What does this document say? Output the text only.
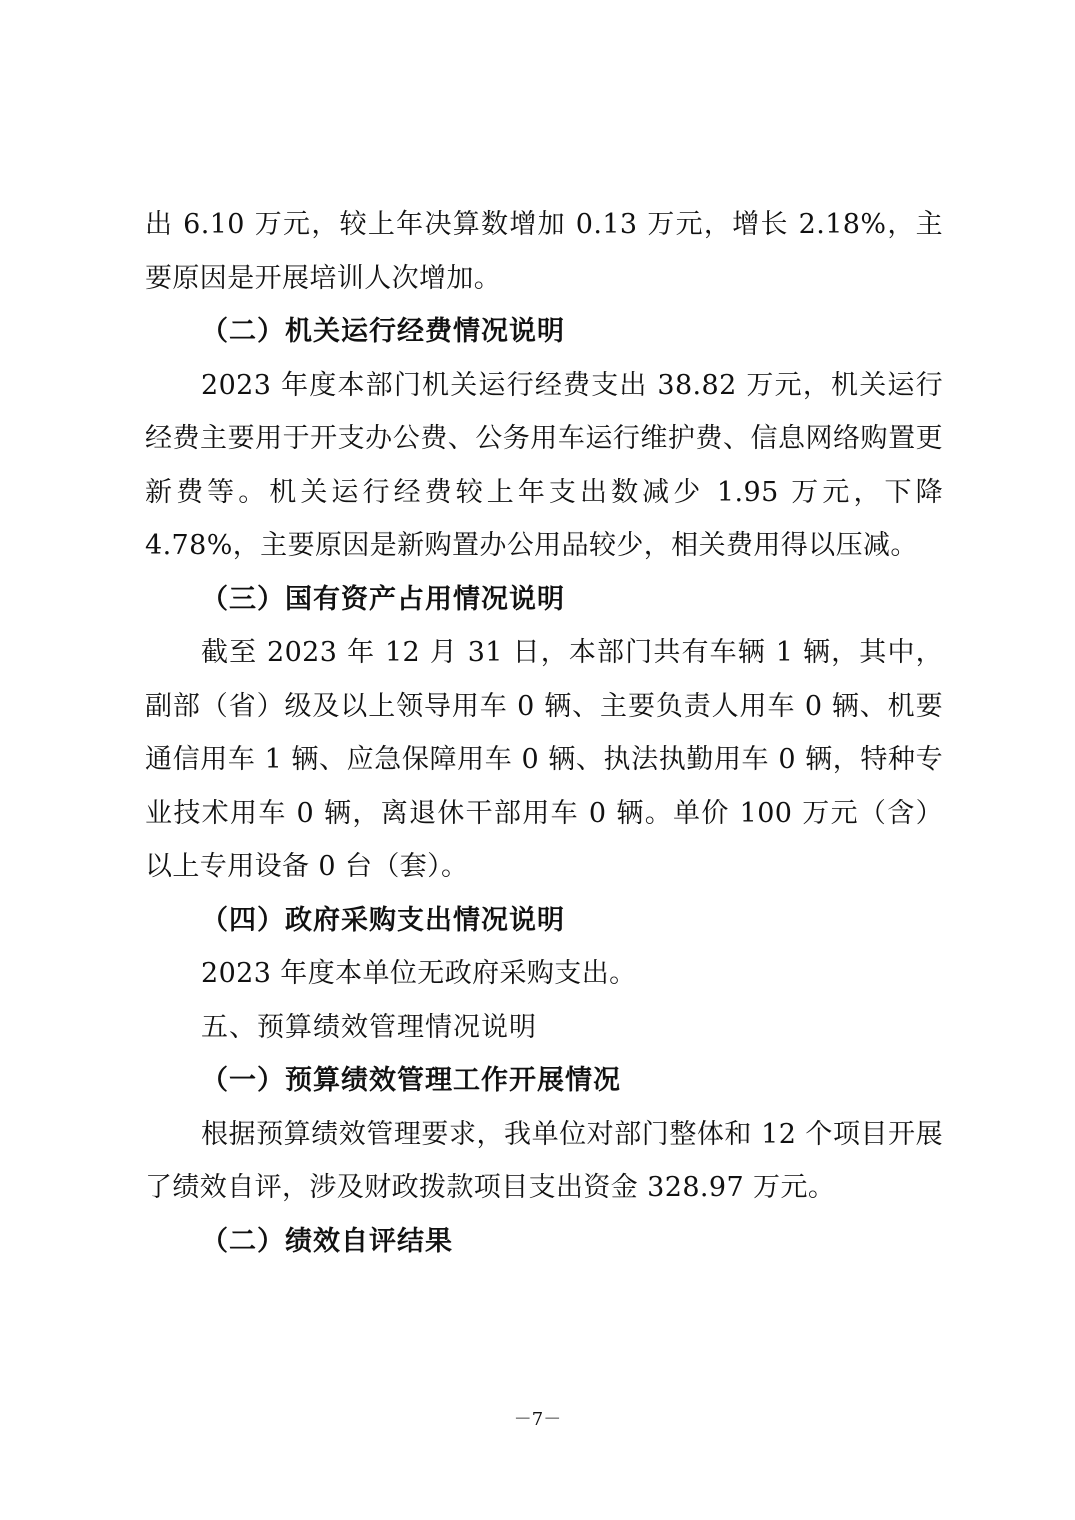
出 6.10 万元，较上年决算数增加 0.13 万元，增长 2.18%，主要原因是开展培训人次增加。

（二）机关运行经费情况说明

2023 年度本部门机关运行经费支出 38.82 万元，机关运行经费主要用于开支办公费、公务用车运行维护费、信息网络购置更新费等。机关运行经费较上年支出数减少 1.95 万元，下降 4.78%，主要原因是新购置办公用品较少，相关费用得以压减。

（三）国有资产占用情况说明

截至 2023 年 12 月 31 日，本部门共有车辆 1 辆，其中，副部（省）级及以上领导用车 0 辆、主要负责人用车 0 辆、机要通信用车 1 辆、应急保障用车 0 辆、执法执勤用车 0 辆，特种专业技术用车 0 辆，离退休干部用车 0 辆。单价 100 万元（含）以上专用设备 0 台（套）。

（四）政府采购支出情况说明

2023 年度本单位无政府采购支出。

五、预算绩效管理情况说明

（一）预算绩效管理工作开展情况

根据预算绩效管理要求，我单位对部门整体和 12 个项目开展了绩效自评，涉及财政拨款项目支出资金 328.97 万元。

（二）绩效自评结果

－7－
